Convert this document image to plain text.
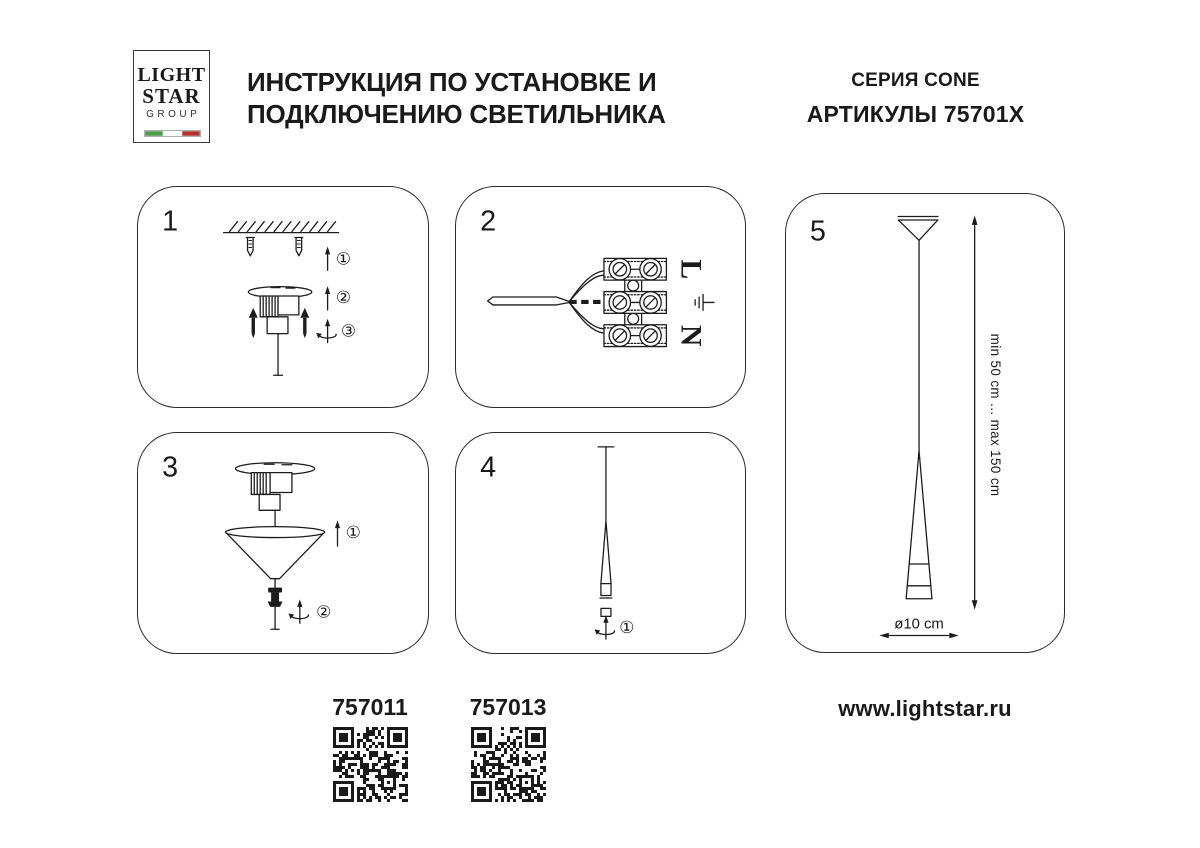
LIGHT
STAR
GROUP
ИНСТРУКЦИЯ ПО УСТАНОВКЕ И
ПОДКЛЮЧЕНИЮ СВЕТИЛЬНИКА
СЕРИЯ CONE
АРТИКУЛЫ 75701X
1
①
②
③
2
L
N
3
①
②
4
①
5
min 50 cm ... max 150 cm
ø10 cm
757011	757013	www.lightstar.ru
